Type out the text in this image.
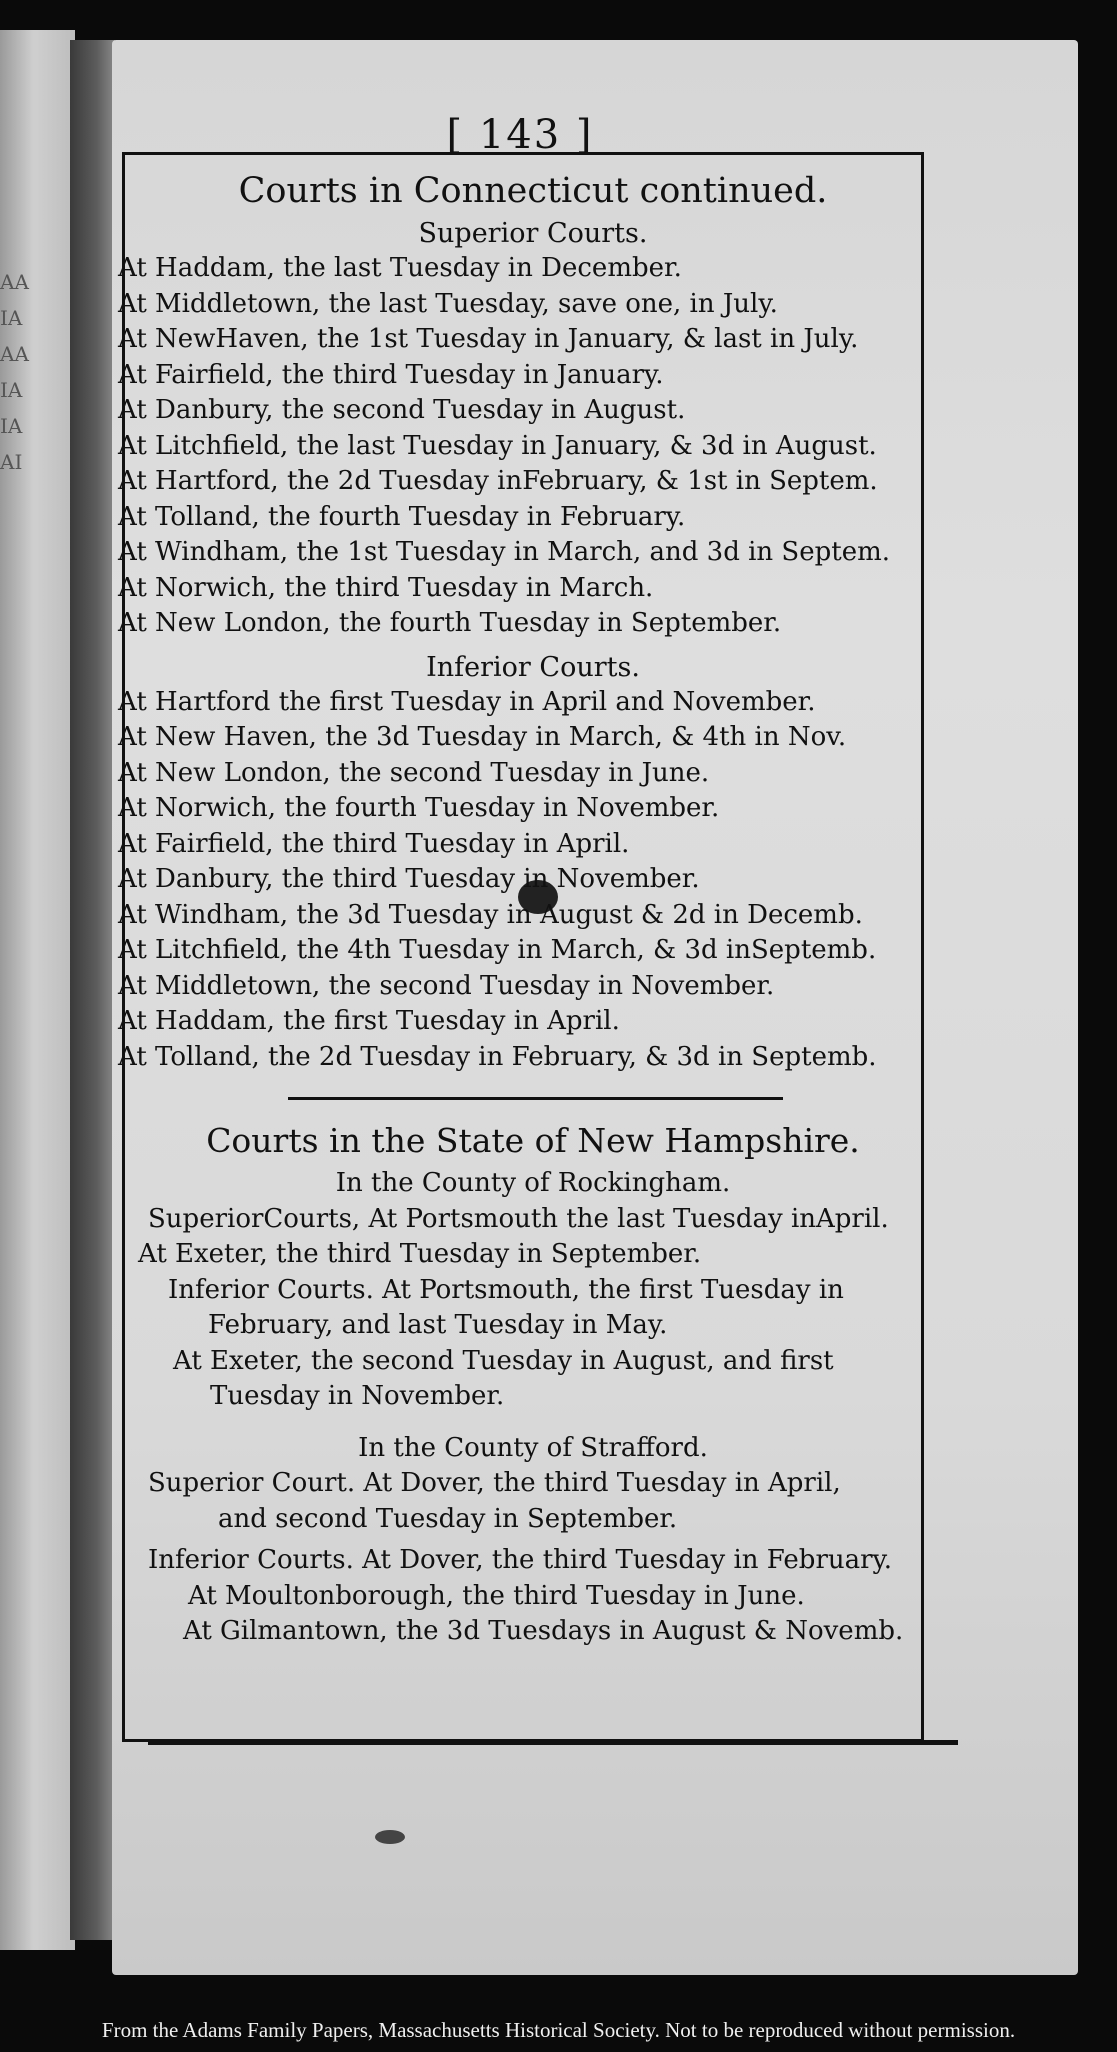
AA
IA
AA
IA
IA
AI
[ 143 ]
Courts in Connecticut continued.
Superior Courts.
At Haddam, the last Tuesday in December.
At Middletown, the last Tuesday, save one, in July.
At NewHaven, the 1st Tuesday in January, & last in July.
At Fairfield, the third Tuesday in January.
At Danbury, the second Tuesday in August.
At Litchfield, the last Tuesday in January, & 3d in August.
At Hartford, the 2d Tuesday inFebruary, & 1st in Septem.
At Tolland, the fourth Tuesday in February.
At Windham, the 1st Tuesday in March, and 3d in Septem.
At Norwich, the third Tuesday in March.
At New London, the fourth Tuesday in September.
Inferior Courts.
At Hartford the first Tuesday in April and November.
At New Haven, the 3d Tuesday in March, & 4th in Nov.
At New London, the second Tuesday in June.
At Norwich, the fourth Tuesday in November.
At Fairfield, the third Tuesday in April.
At Danbury, the third Tuesday in November.
At Windham, the 3d Tuesday in August & 2d in Decemb.
At Litchfield, the 4th Tuesday in March, & 3d inSeptemb.
At Middletown, the second Tuesday in November.
At Haddam, the first Tuesday in April.
At Tolland, the 2d Tuesday in February, & 3d in Septemb.
Courts in the State of New Hampshire.
In the County of Rockingham.
SuperiorCourts, At Portsmouth the last Tuesday inApril.
At Exeter, the third Tuesday in September.
Inferior Courts. At Portsmouth, the first Tuesday in
February, and last Tuesday in May.
At Exeter, the second Tuesday in August, and first
Tuesday in November.
In the County of Strafford.
Superior Court. At Dover, the third Tuesday in April,
and second Tuesday in September.
Inferior Courts. At Dover, the third Tuesday in February.
At Moultonborough, the third Tuesday in June.
At Gilmantown, the 3d Tuesdays in August & Novemb.
From the Adams Family Papers, Massachusetts Historical Society. Not to be reproduced without permission.
